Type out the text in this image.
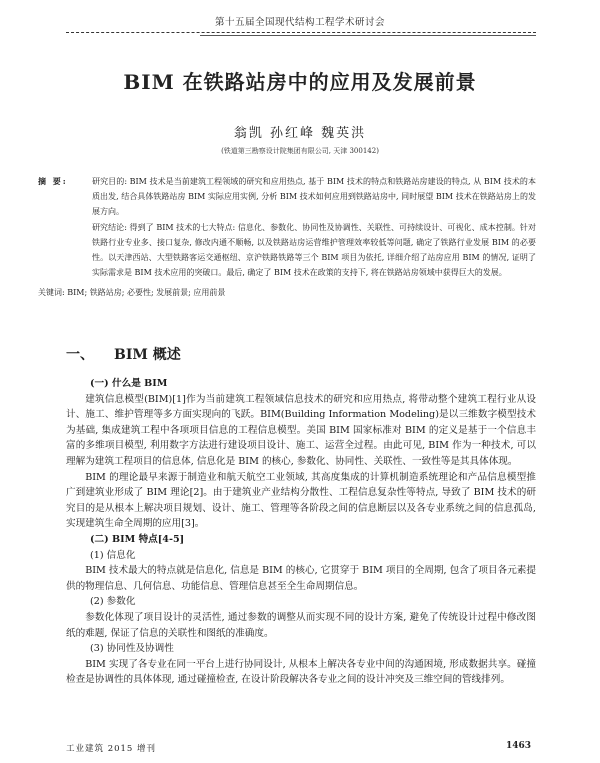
第十五届全国现代结构工程学术研讨会
BIM 在铁路站房中的应用及发展前景
翁凯 孙红峰 魏英洪
(铁道第三勘察设计院集团有限公司, 天津 300142)
摘 要:	研究目的: BIM 技术是当前建筑工程领域的研究和应用热点, 基于 BIM 技术的特点和铁路站房建设的特点, 从 BIM 技术的本质出发, 结合具体铁路站房 BIM 实际应用实例, 分析 BIM 技术如何应用到铁路站房中, 同时展望 BIM 技术在铁路站房上的发展方向。

研究结论: 得到了 BIM 技术的七大特点: 信息化、参数化、协同性及协调性、关联性、可持续设计、可视化、成本控制。针对铁路行业专业多、接口复杂, 修改内通不顺畅, 以及铁路站房运营维护管理效率较低等问题, 确定了铁路行业发展 BIM 的必要性。以天津西站、大型铁路客运交通枢纽、京沪铁路铁路等三个 BIM 项目为依托, 详细介绍了站房应用 BIM 的情况, 证明了实际需求是 BIM 技术应用的突破口。最后, 确定了 BIM 技术在政策的支持下, 将在铁路站房领域中获得巨大的发展。

关键词: BIM; 铁路站房; 必要性; 发展前景; 应用前景
一、 BIM 概述

(一) 什么是 BIM

建筑信息模型(BIM)[1]作为当前建筑工程领域信息技术的研究和应用热点, 将带动整个建筑工程行业从设计、施工、维护管理等多方面实现向的飞跃。BIM(Building Information Modeling)是以三维数字模型技术为基础, 集成建筑工程中各项项目信息的工程信息模型。美国 BIM 国家标准对 BIM 的定义是基于一个信息丰富的多维项目模型, 利用数字方法进行建设项目设计、施工、运营全过程。由此可见, BIM 作为一种技术, 可以理解为建筑工程项目的信息体, 信息化是 BIM 的核心, 参数化、协同性、关联性、一致性等是其具体体现。

BIM 的理论最早来源于制造业和航天航空工业领域, 其高度集成的计算机制造系统理论和产品信息模型推广到建筑业形成了 BIM 理论[2]。由于建筑业产业结构分散性、工程信息复杂性等特点, 导致了 BIM 技术的研究目的是从根本上解决项目规划、设计、施工、管理等各阶段之间的信息断层以及各专业系统之间的信息孤岛, 实现建筑生命全周期的应用[3]。

(二) BIM 特点[4-5]

(1) 信息化

BIM 技术最大的特点就是信息化, 信息是 BIM 的核心, 它贯穿于 BIM 项目的全周期, 包含了项目各元素提供的物理信息、几何信息、功能信息、管理信息甚至全生命周期信息。

(2) 参数化

参数化体现了项目设计的灵活性, 通过参数的调整从而实现不同的设计方案, 避免了传统设计过程中修改图纸的难题, 保证了信息的关联性和图纸的准确度。

(3) 协同性及协调性

BIM 实现了各专业在同一平台上进行协同设计, 从根本上解决各专业中间的沟通困境, 形成数据共享。碰撞检查是协调性的具体体现, 通过碰撞检查, 在设计阶段解决各专业之间的设计冲突及三维空间的管线排列。

工业建筑 2015 增刊	1463
